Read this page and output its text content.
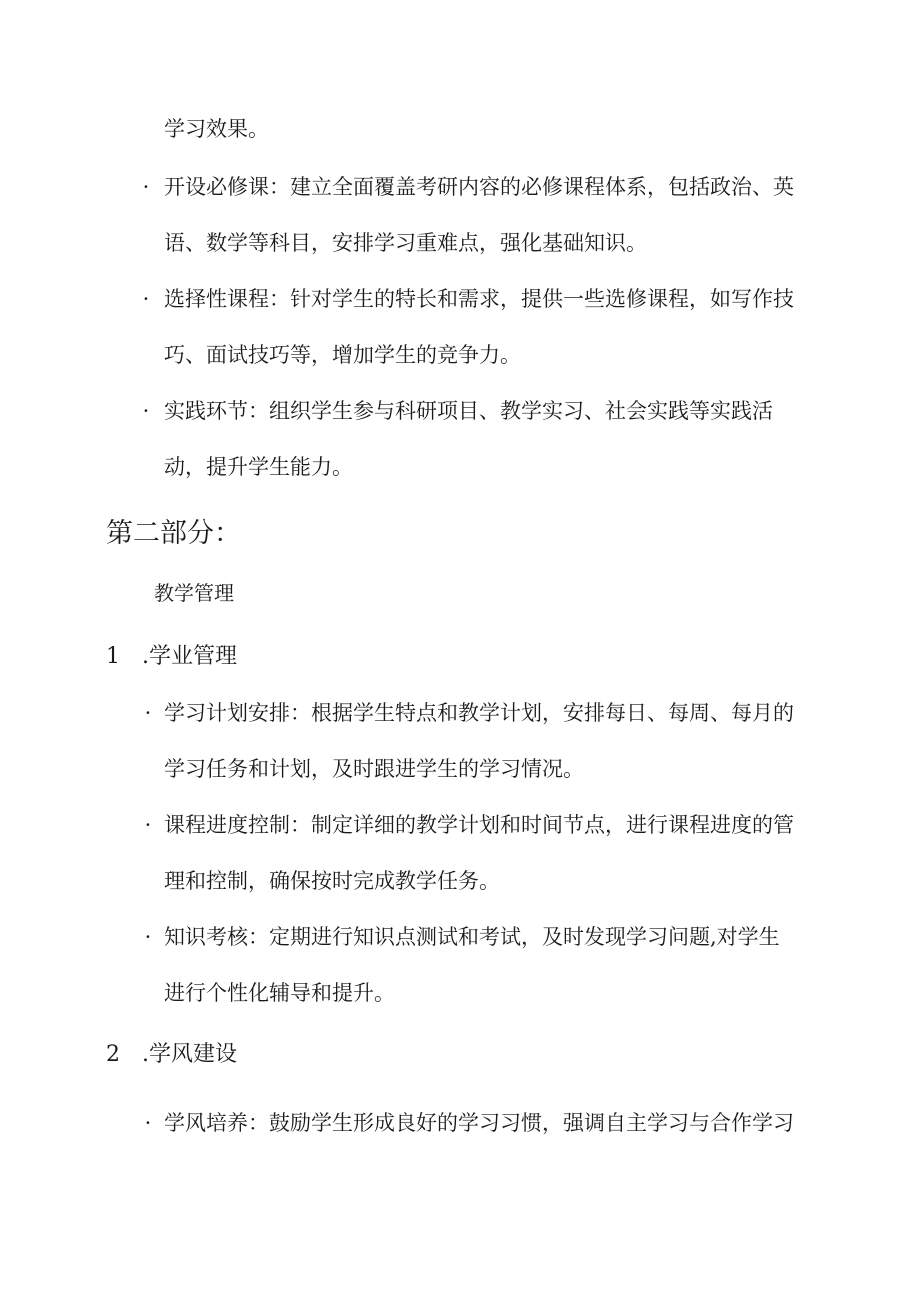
学习效果。
· 开设必修课：建立全面覆盖考研内容的必修课程体系，包括政治、英
语、数学等科目，安排学习重难点，强化基础知识。
· 选择性课程：针对学生的特长和需求，提供一些选修课程，如写作技
巧、面试技巧等，增加学生的竞争力。
· 实践环节：组织学生参与科研项目、教学实习、社会实践等实践活
动，提升学生能力。
第二部分：
教学管理
1 .学业管理
· 学习计划安排：根据学生特点和教学计划，安排每日、每周、每月的
学习任务和计划，及时跟进学生的学习情况。
· 课程进度控制：制定详细的教学计划和时间节点，进行课程进度的管
理和控制，确保按时完成教学任务。
· 知识考核：定期进行知识点测试和考试，及时发现学习问题,对学生
进行个性化辅导和提升。
2 .学风建设
· 学风培养：鼓励学生形成良好的学习习惯，强调自主学习与合作学习
